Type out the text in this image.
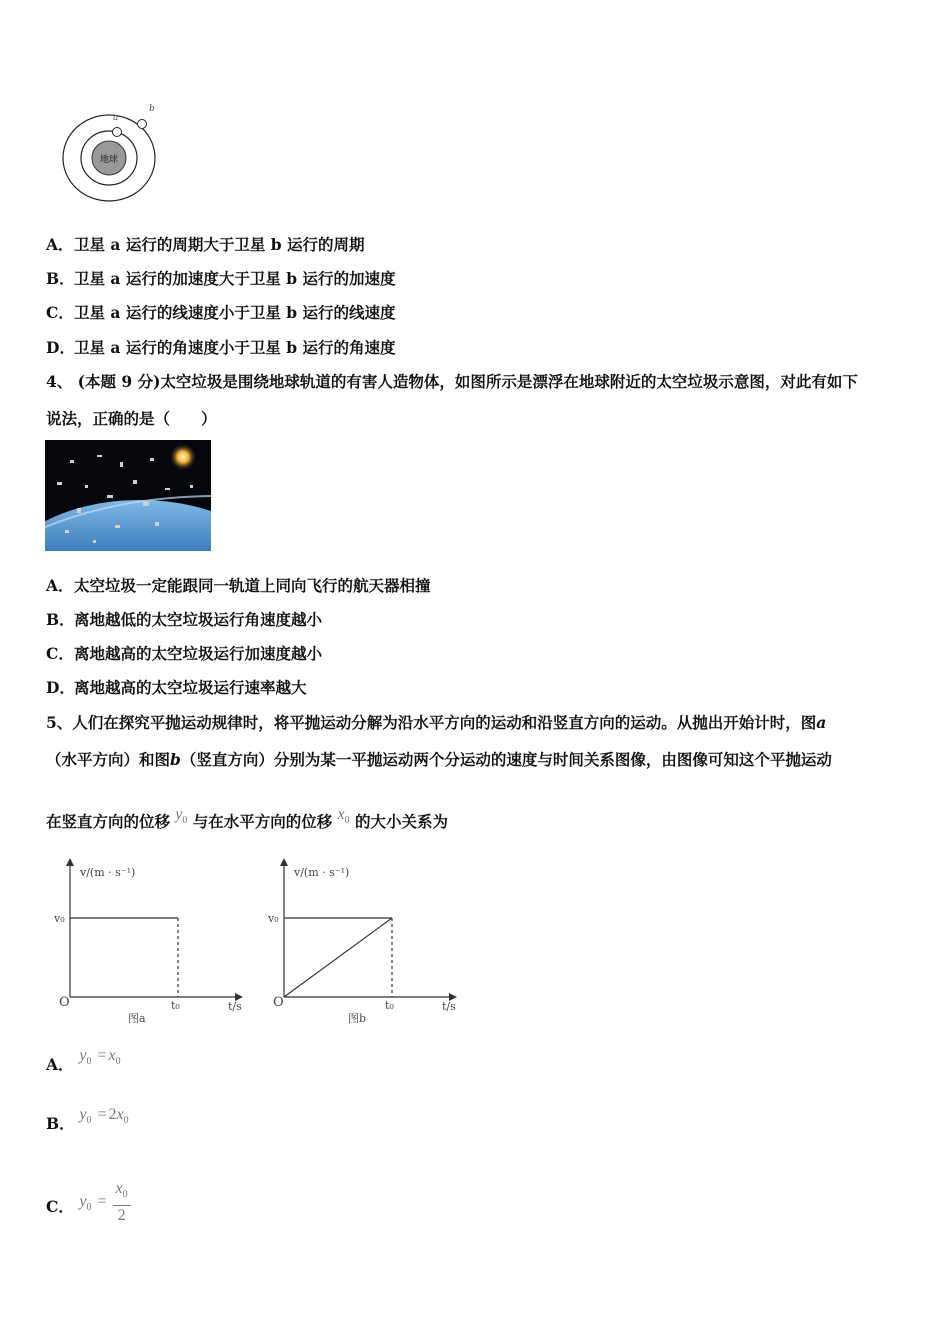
地球
a
b
A．卫星 a 运行的周期大于卫星 b 运行的周期
B．卫星 a 运行的加速度大于卫星 b 运行的加速度
C．卫星 a 运行的线速度小于卫星 b 运行的线速度
D．卫星 a 运行的角速度小于卫星 b 运行的角速度
4、 (本题 9 分)太空垃圾是围绕地球轨道的有害人造物体，如图所示是漂浮在地球附近的太空垃圾示意图，对此有如下
说法，正确的是（　　）
A．太空垃圾一定能跟同一轨道上同向飞行的航天器相撞
B．离地越低的太空垃圾运行角速度越小
C．离地越高的太空垃圾运行加速度越小
D．离地越高的太空垃圾运行速率越大
5、人们在探究平抛运动规律时，将平抛运动分解为沿水平方向的运动和沿竖直方向的运动。从抛出开始计时，图a
（水平方向）和图b（竖直方向）分别为某一平抛运动两个分运动的速度与时间关系图像，由图像可知这个平抛运动
在竖直方向的位移 $y_0$ 与在水平方向的位移 $x_0$ 的大小关系为
v/(m · s⁻¹)
v₀
O	t₀	t/s
图a
v/(m · s⁻¹)
v₀
O	t₀	t/s
图b
A． $y_0 = x_0$
B． $y_0 = 2x_0$
C． $y_0 = \frac{x_0}{2}$
